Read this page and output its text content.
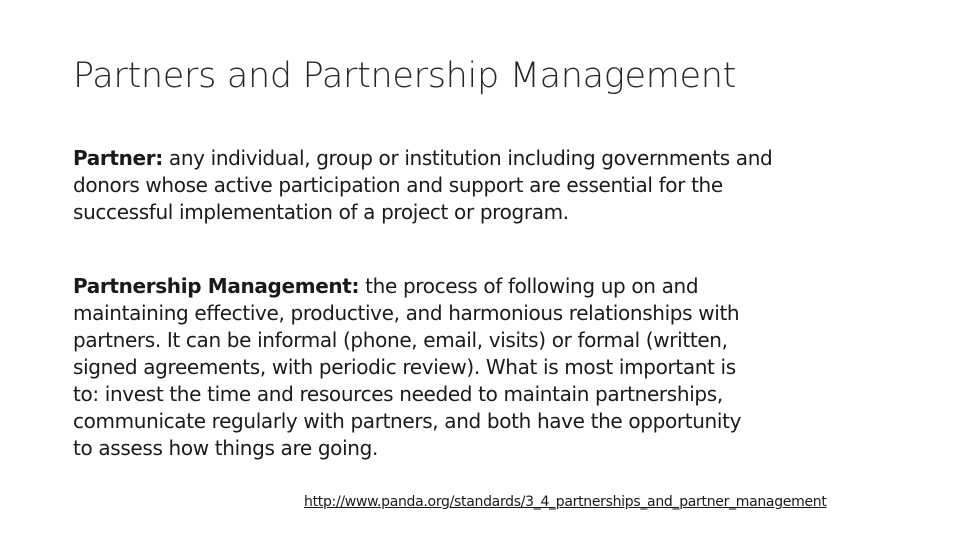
Partners and Partnership Management

Partner: any individual, group or institution including governments and
donors whose active participation and support are essential for the
successful implementation of a project or program.

Partnership Management: the process of following up on and
maintaining effective, productive, and harmonious relationships with
partners. It can be informal (phone, email, visits) or formal (written,
signed agreements, with periodic review). What is most important is
to: invest the time and resources needed to maintain partnerships,
communicate regularly with partners, and both have the opportunity
to assess how things are going.

http://www.panda.org/standards/3_4_partnerships_and_partner_management
